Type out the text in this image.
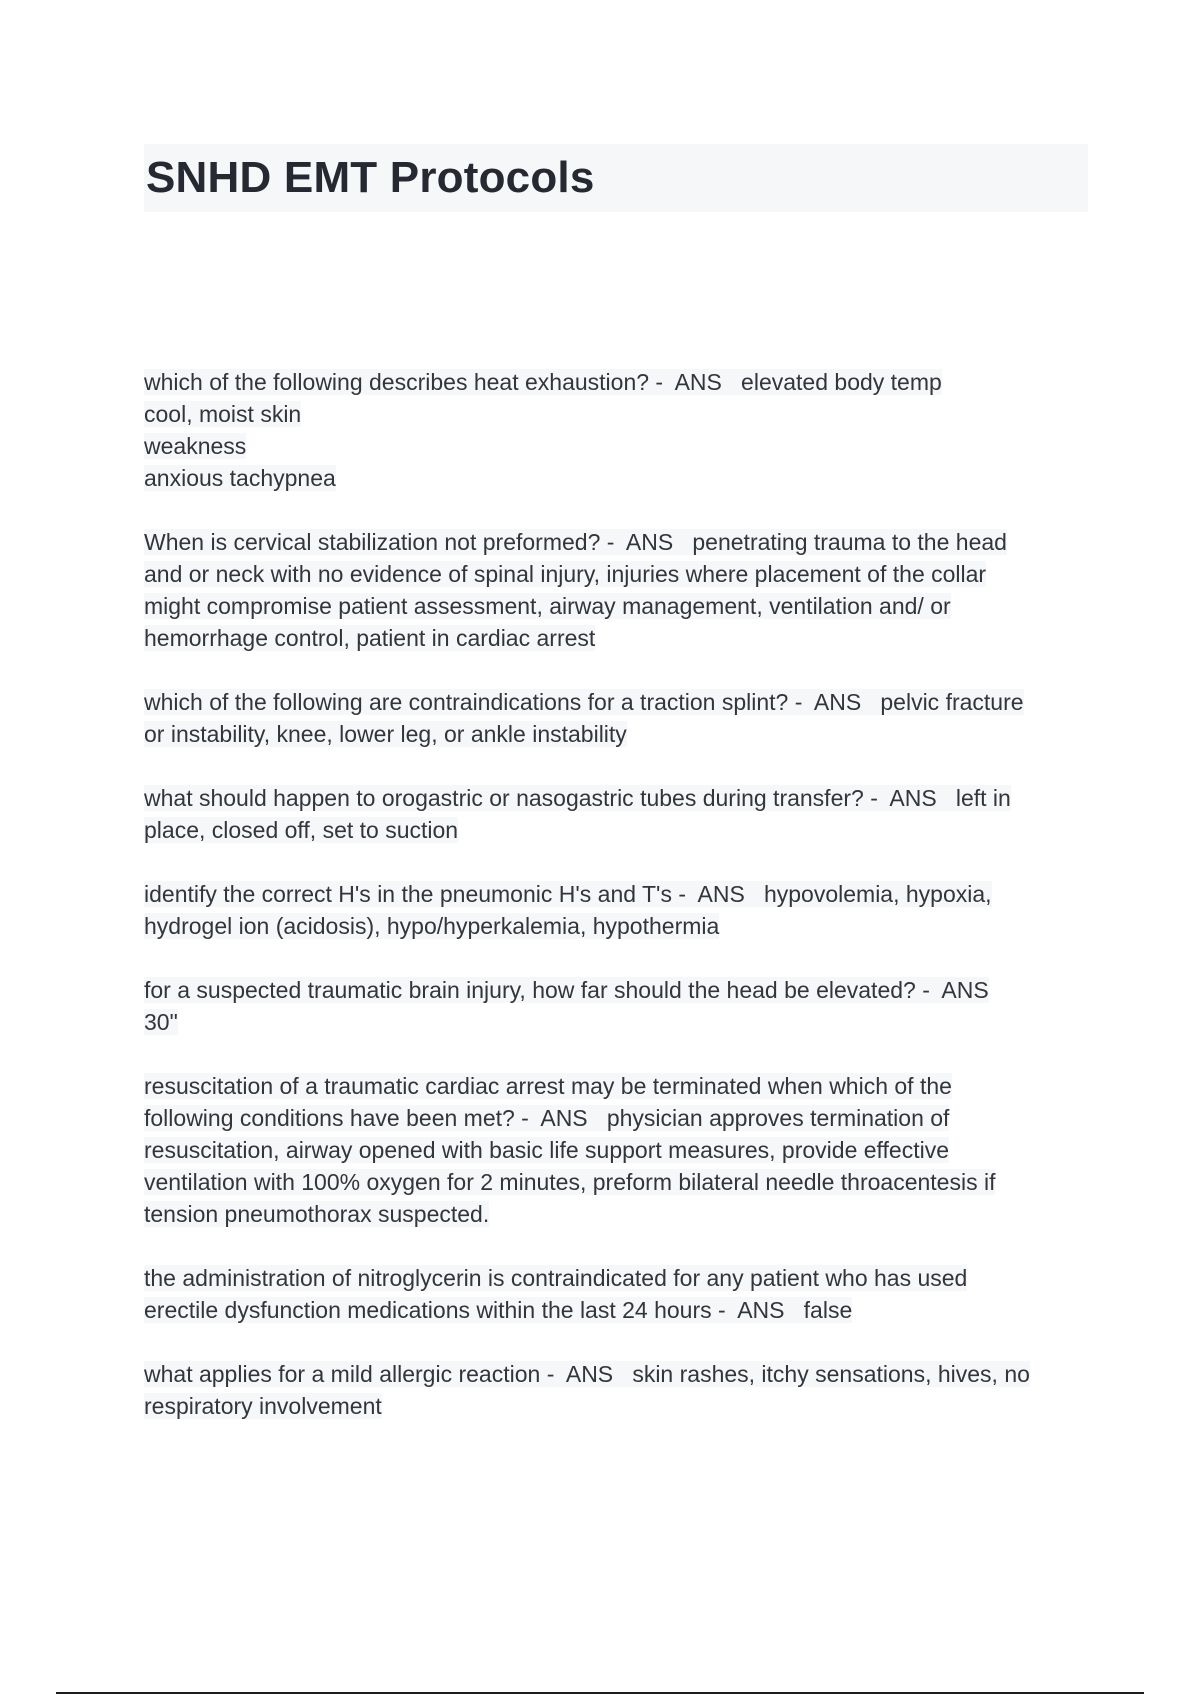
SNHD EMT Protocols
which of the following describes heat exhaustion? -  ANS   elevated body temp
cool, moist skin
weakness
anxious tachypnea
When is cervical stabilization not preformed? -  ANS   penetrating trauma to the head
and or neck with no evidence of spinal injury, injuries where placement of the collar
might compromise patient assessment, airway management, ventilation and/ or
hemorrhage control, patient in cardiac arrest
which of the following are contraindications for a traction splint? -  ANS   pelvic fracture
or instability, knee, lower leg, or ankle instability
what should happen to orogastric or nasogastric tubes during transfer? -  ANS   left in
place, closed off, set to suction
identify the correct H's in the pneumonic H's and T's -  ANS   hypovolemia, hypoxia,
hydrogel ion (acidosis), hypo/hyperkalemia, hypothermia
for a suspected traumatic brain injury, how far should the head be elevated? -  ANS
30"
resuscitation of a traumatic cardiac arrest may be terminated when which of the
following conditions have been met? -  ANS   physician approves termination of
resuscitation, airway opened with basic life support measures, provide effective
ventilation with 100% oxygen for 2 minutes, preform bilateral needle throacentesis if
tension pneumothorax suspected.
the administration of nitroglycerin is contraindicated for any patient who has used
erectile dysfunction medications within the last 24 hours -  ANS   false
what applies for a mild allergic reaction -  ANS   skin rashes, itchy sensations, hives, no
respiratory involvement
